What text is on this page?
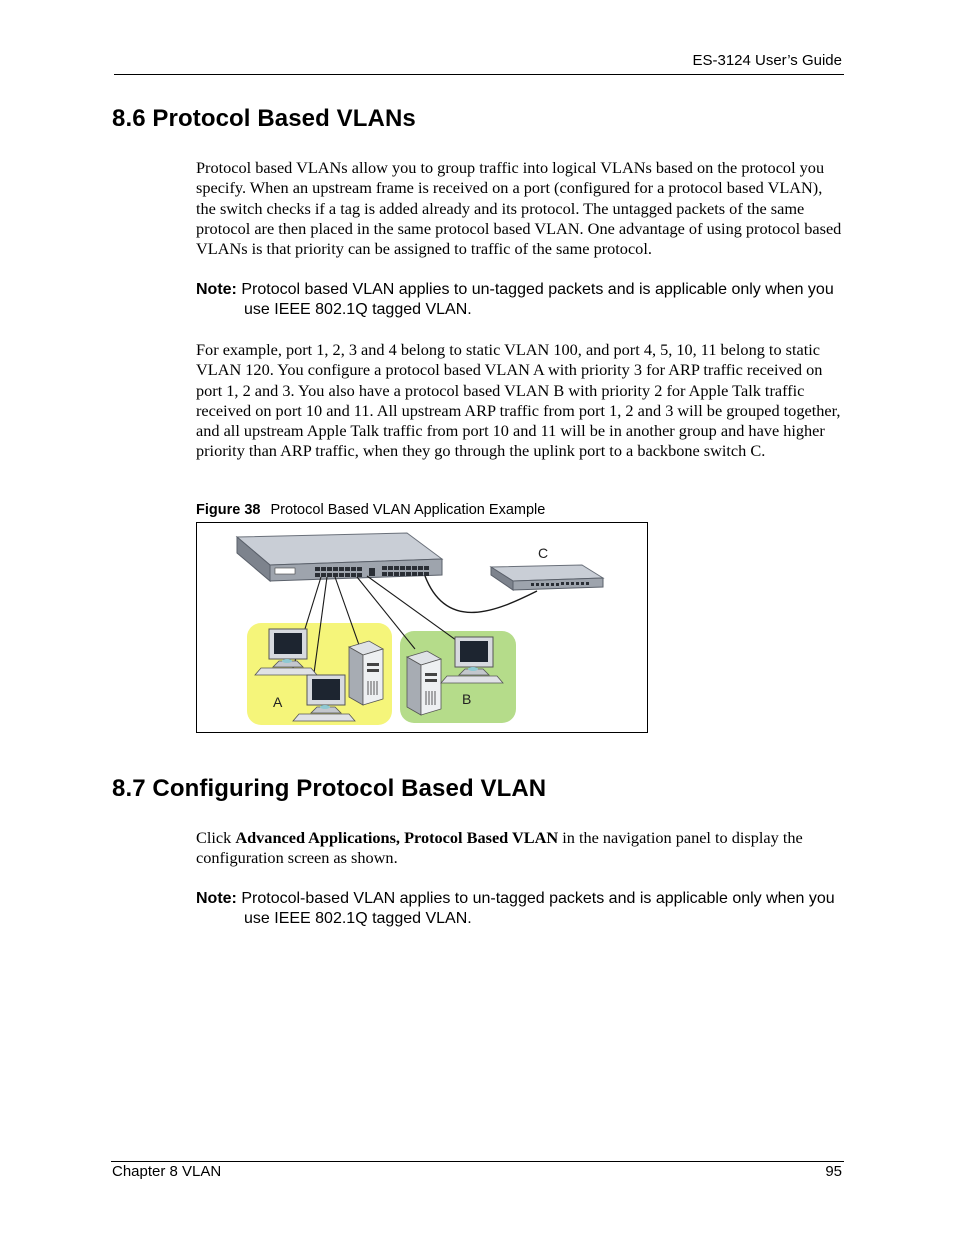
ES-3124 User’s Guide
8.6 Protocol Based VLANs

Protocol based VLANs allow you to group traffic into logical VLANs based on the protocol you specify. When an upstream frame is received on a port (configured for a protocol based VLAN), the switch checks if a tag is added already and its protocol. The untagged packets of the same protocol are then placed in the same protocol based VLAN. One advantage of using protocol based VLANs is that priority can be assigned to traffic of the same protocol.

Note: Protocol based VLAN applies to un-tagged packets and is applicable only when you use IEEE 802.1Q tagged VLAN.

For example, port 1, 2, 3 and 4 belong to static VLAN 100, and port 4, 5, 10, 11 belong to static VLAN 120. You configure a protocol based VLAN A with priority 3 for ARP traffic received on port 1, 2 and 3. You also have a protocol based VLAN B with priority 2 for Apple Talk traffic received on port 10 and 11. All upstream ARP traffic from port 1, 2 and 3 will be grouped together, and all upstream Apple Talk traffic from port 10 and 11 will be in another group and have higher priority than ARP traffic, when they go through the uplink port to a backbone switch C.

Figure 38 Protocol Based VLAN Application Example
A	B
C
8.7 Configuring Protocol Based VLAN

Click Advanced Applications, Protocol Based VLAN in the navigation panel to display the configuration screen as shown.

Note: Protocol-based VLAN applies to un-tagged packets and is applicable only when you use IEEE 802.1Q tagged VLAN.

Chapter 8 VLAN	95
